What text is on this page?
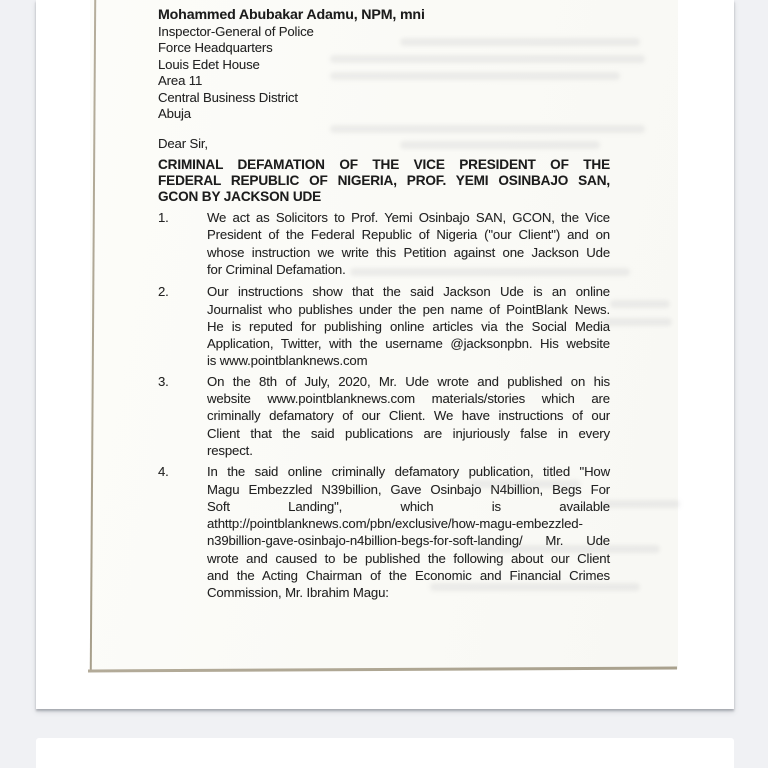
Mohammed Abubakar Adamu, NPM, mni
Inspector-General of Police
Force Headquarters
Louis Edet House
Area 11
Central Business District
Abuja
Dear Sir,
CRIMINAL DEFAMATION OF THE VICE PRESIDENT OF THE
FEDERAL REPUBLIC OF NIGERIA, PROF. YEMI OSINBAJO SAN,
GCON BY JACKSON UDE
1.	We act as Solicitors to Prof. Yemi Osinbajo SAN, GCON, the Vice
President of the Federal Republic of Nigeria ("our Client") and on
whose instruction we write this Petition against one Jackson Ude
for Criminal Defamation.
2.	Our instructions show that the said Jackson Ude is an online
Journalist who publishes under the pen name of PointBlank News.
He is reputed for publishing online articles via the Social Media
Application, Twitter, with the username @jacksonpbn. His website
is www.pointblanknews.com
3.	On the 8th of July, 2020, Mr. Ude wrote and published on his
website www.pointblanknews.com materials/stories which are
criminally defamatory of our Client. We have instructions of our
Client that the said publications are injuriously false in every
respect.
4.	In the said online criminally defamatory publication, titled "How
Magu Embezzled N39billion, Gave Osinbajo N4billion, Begs For
Soft Landing", which is available
athttp://pointblanknews.com/pbn/exclusive/how-magu-embezzled-
n39billion-gave-osinbajo-n4billion-begs-for-soft-landing/ Mr. Ude
wrote and caused to be published the following about our Client
and the Acting Chairman of the Economic and Financial Crimes
Commission, Mr. Ibrahim Magu:
